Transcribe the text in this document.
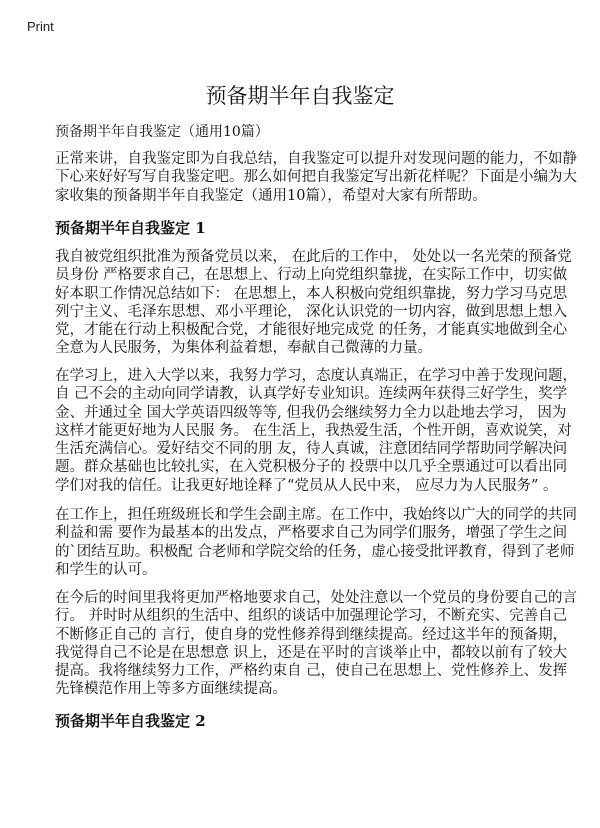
Print
预备期半年自我鉴定
预备期半年自我鉴定（通用10篇）
正常来讲，自我鉴定即为自我总结，自我鉴定可以提升对发现问题的能力，不如静
下心来好好写写自我鉴定吧。那么如何把自我鉴定写出新花样呢？下面是小编为大
家收集的预备期半年自我鉴定（通用10篇），希望对大家有所帮助。
预备期半年自我鉴定 1
我自被党组织批准为预备党员以来， 在此后的工作中， 处处以一名光荣的预备党
员身份 严格要求自己，在思想上、行动上向党组织靠拢，在实际工作中，切实做
好本职工作情况总结如下： 在思想上，本人积极向党组织靠拢，努力学习马克思
列宁主义、毛泽东思想、邓小平理论， 深化认识党的一切内容，做到思想上想入
党，才能在行动上积极配合党，才能很好地完成党 的任务，才能真实地做到全心
全意为人民服务，为集体利益着想，奉献自己微薄的力量。
在学习上，进入大学以来，我努力学习，态度认真端正，在学习中善于发现问题，
自 己不会的主动向同学请教，认真学好专业知识。连续两年获得三好学生，奖学
金、并通过全 国大学英语四级等等, 但我仍会继续努力全力以赴地去学习， 因为
这样才能更好地为人民服 务。 在生活上，我热爱生活，个性开朗，喜欢说笑，对
生活充满信心。爱好结交不同的朋 友，待人真诚，注意团结同学帮助同学解决问
题。群众基础也比较扎实，在入党积极分子的 投票中以几乎全票通过可以看出同
学们对我的信任。让我更好地诠释了“党员从人民中来， 应尽力为人民服务” 。
在工作上，担任班级班长和学生会副主席。在工作中，我始终以广大的同学的共同
利益和需 要作为最基本的出发点，严格要求自己为同学们服务，增强了学生之间
的`团结互助。积极配 合老师和学院交给的任务，虚心接受批评教育，得到了老师
和学生的认可。
在今后的时间里我将更加严格地要求自己，处处注意以一个党员的身份要自己的言
行。 并时时从组织的生活中、组织的谈话中加强理论学习，不断充实、完善自己
不断修正自己的 言行，使自身的党性修养得到继续提高。经过这半年的预备期，
我觉得自己不论是在思想意 识上，还是在平时的言谈举止中，都较以前有了较大
提高。我将继续努力工作，严格约束自 己，使自己在思想上、党性修养上、发挥
先锋模范作用上等多方面继续提高。
预备期半年自我鉴定 2
